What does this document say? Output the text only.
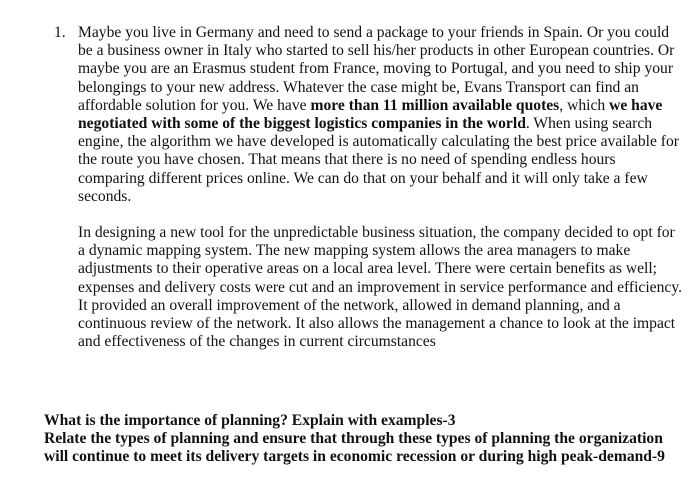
1. Maybe you live in Germany and need to send a package to your friends in Spain. Or you could be a business owner in Italy who started to sell his/her products in other European countries. Or maybe you are an Erasmus student from France, moving to Portugal, and you need to ship your belongings to your new address. Whatever the case might be, Evans Transport can find an affordable solution for you. We have more than 11 million available quotes, which we have negotiated with some of the biggest logistics companies in the world. When using search engine, the algorithm we have developed is automatically calculating the best price available for the route you have chosen. That means that there is no need of spending endless hours comparing different prices online. We can do that on your behalf and it will only take a few seconds.

In designing a new tool for the unpredictable business situation, the company decided to opt for a dynamic mapping system. The new mapping system allows the area managers to make adjustments to their operative areas on a local area level. There were certain benefits as well; expenses and delivery costs were cut and an improvement in service performance and efficiency. It provided an overall improvement of the network, allowed in demand planning, and a continuous review of the network. It also allows the management a chance to look at the impact and effectiveness of the changes in current circumstances

What is the importance of planning? Explain with examples-3

Relate the types of planning and ensure that through these types of planning the organization will continue to meet its delivery targets in economic recession or during high peak-demand-9
